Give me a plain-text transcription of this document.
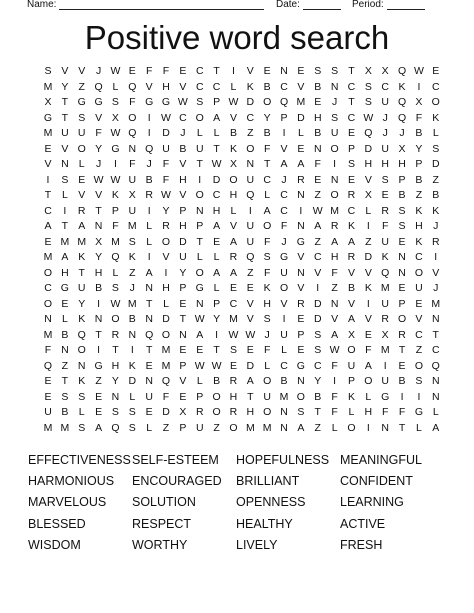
Name:	Date:	Period:
Positive word search
S V V	J W E F F E C T	I	V E N E S S T X X Q W E
M Y Z Q L Q V H V C C L K B C V B N C S C K	I	C
X T G G S F G G W S P W D O Q M E	J	T S U Q X O
G T S V X O	I W C O A V C Y P D H S C W J Q F K
M U U F W Q	I	D J	L	L B Z B	I	L B U E Q J	J	B L
E V O Y G N Q U B U T K O F V E N O P D U X Y S
V N L	J	I	F	J	F V T W X N T A A F	I	S H H H P D
I	S E W W U B F H	I	D O U C J R E N E V S P B Z
T	L V V K X R W V O C H Q L C N Z O R X E B Z B
C	I	R T P U	I	Y P N H L	I	A C	I W M C L R S K K
A T A N F M L R H P A V U O F N A R K	I	F S H J
E M M X M S L O D T E A U F	J G Z A A Z U E K R
M A K Y Q K	I	V U L	L R Q S G V C H R D K N C	I
O H T H L	Z A	I	Y O A A Z F U N V F V V Q N O V
C G U B S	J N H P G L E E K O V	I	Z B K M E U J
O E Y	I W M T	L E N P C V H V R D N V	I	U P E M
N L K N O B N D T W Y M V S	I	E D V A V R O V N
M B Q T R N Q O N A	I W W J U P S A X E X R C T
F N O	I	T	I	T M E E T S E F	L E S W O F M T Z C
Q Z N G H K E M P W W E D L C G C F U A	I	E O Q
E T K Z Y D N Q V L B R A O B N Y	I	P O U B S N
E S S E N L U F E P O H T U M O B F K L G	I	I	N
U B L E S S E D X R O R H O N S T F	L H F F G L
M M S A Q S L	Z P U Z O M M N A Z	L O	I	N T	L A
EFFECTIVENESS SELF-ESTEEM	HOPEFULNESS MEANINGFUL
HARMONIOUS	ENCOURAGED	BRILLIANT	CONFIDENT
MARVELOUS	SOLUTION	OPENNESS	LEARNING
BLESSED	RESPECT	HEALTHY	ACTIVE
WISDOM	WORTHY	LIVELY	FRESH
